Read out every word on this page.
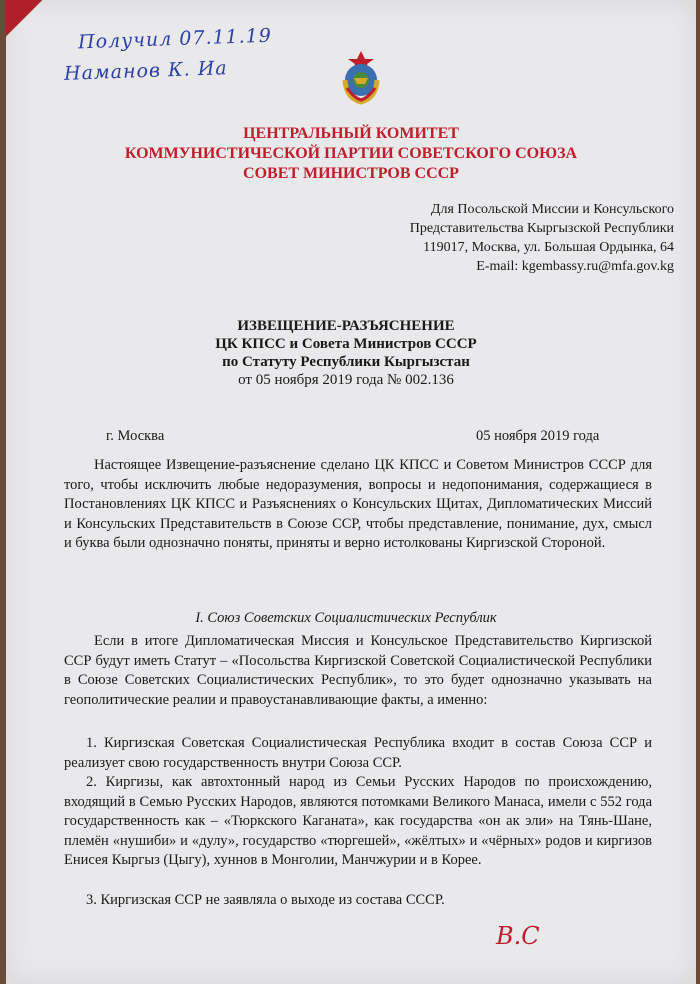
Получил 07.11.19
Наманов К. Иа
ЦЕНТРАЛЬНЫЙ КОМИТЕТ
КОММУНИСТИЧЕСКОЙ ПАРТИИ СОВЕТСКОГО СОЮЗА
СОВЕТ МИНИСТРОВ СССР
Для Посольской Миссии и Консульского
Представительства Кыргызской Республики
119017, Москва, ул. Большая Ордынка, 64
E-mail: kgembassy.ru@mfa.gov.kg
ИЗВЕЩЕНИЕ-РАЗЪЯСНЕНИЕ
ЦК КПСС и Совета Министров СССР
по Статуту Республики Кыргызстан
от 05 ноября 2019 года № 002.136
г. Москва	05 ноября 2019 года
Настоящее Извещение-разъяснение сделано ЦК КПСС и Советом Министров СССР для того, чтобы исключить любые недоразумения, вопросы и недопонимания, содержащиеся в Постановлениях ЦК КПСС и Разъяснениях о Консульских Щитах, Дипломатических Миссий и Консульских Представительств в Союзе ССР, чтобы представление, понимание, дух, смысл и буква были однозначно поняты, приняты и верно истолкованы Киргизской Стороной.
I. Союз Советских Социалистических Республик
Если в итоге Дипломатическая Миссия и Консульское Представительство Киргизской ССР будут иметь Статут – «Посольства Киргизской Советской Социалистической Республики в Союзе Советских Социалистических Республик», то это будет однозначно указывать на геополитические реалии и правоустанавливающие факты, а именно:
1. Киргизская Советская Социалистическая Республика входит в состав Союза ССР и реализует свою государственность внутри Союза ССР.
2. Киргизы, как автохтонный народ из Семьи Русских Народов по происхождению, входящий в Семью Русских Народов, являются потомками Великого Манаса, имели с 552 года государственность как – «Тюркского Каганата», как государства «он ак эли» на Тянь-Шане, племён «нушиби» и «дулу», государство «тюргешей», «жёлтых» и «чёрных» родов и киргизов Енисея Кыргыз (Цыгу), хуннов в Монголии, Манчжурии и в Корее.
3. Киргизская ССР не заявляла о выходе из состава СССР.
В.С
